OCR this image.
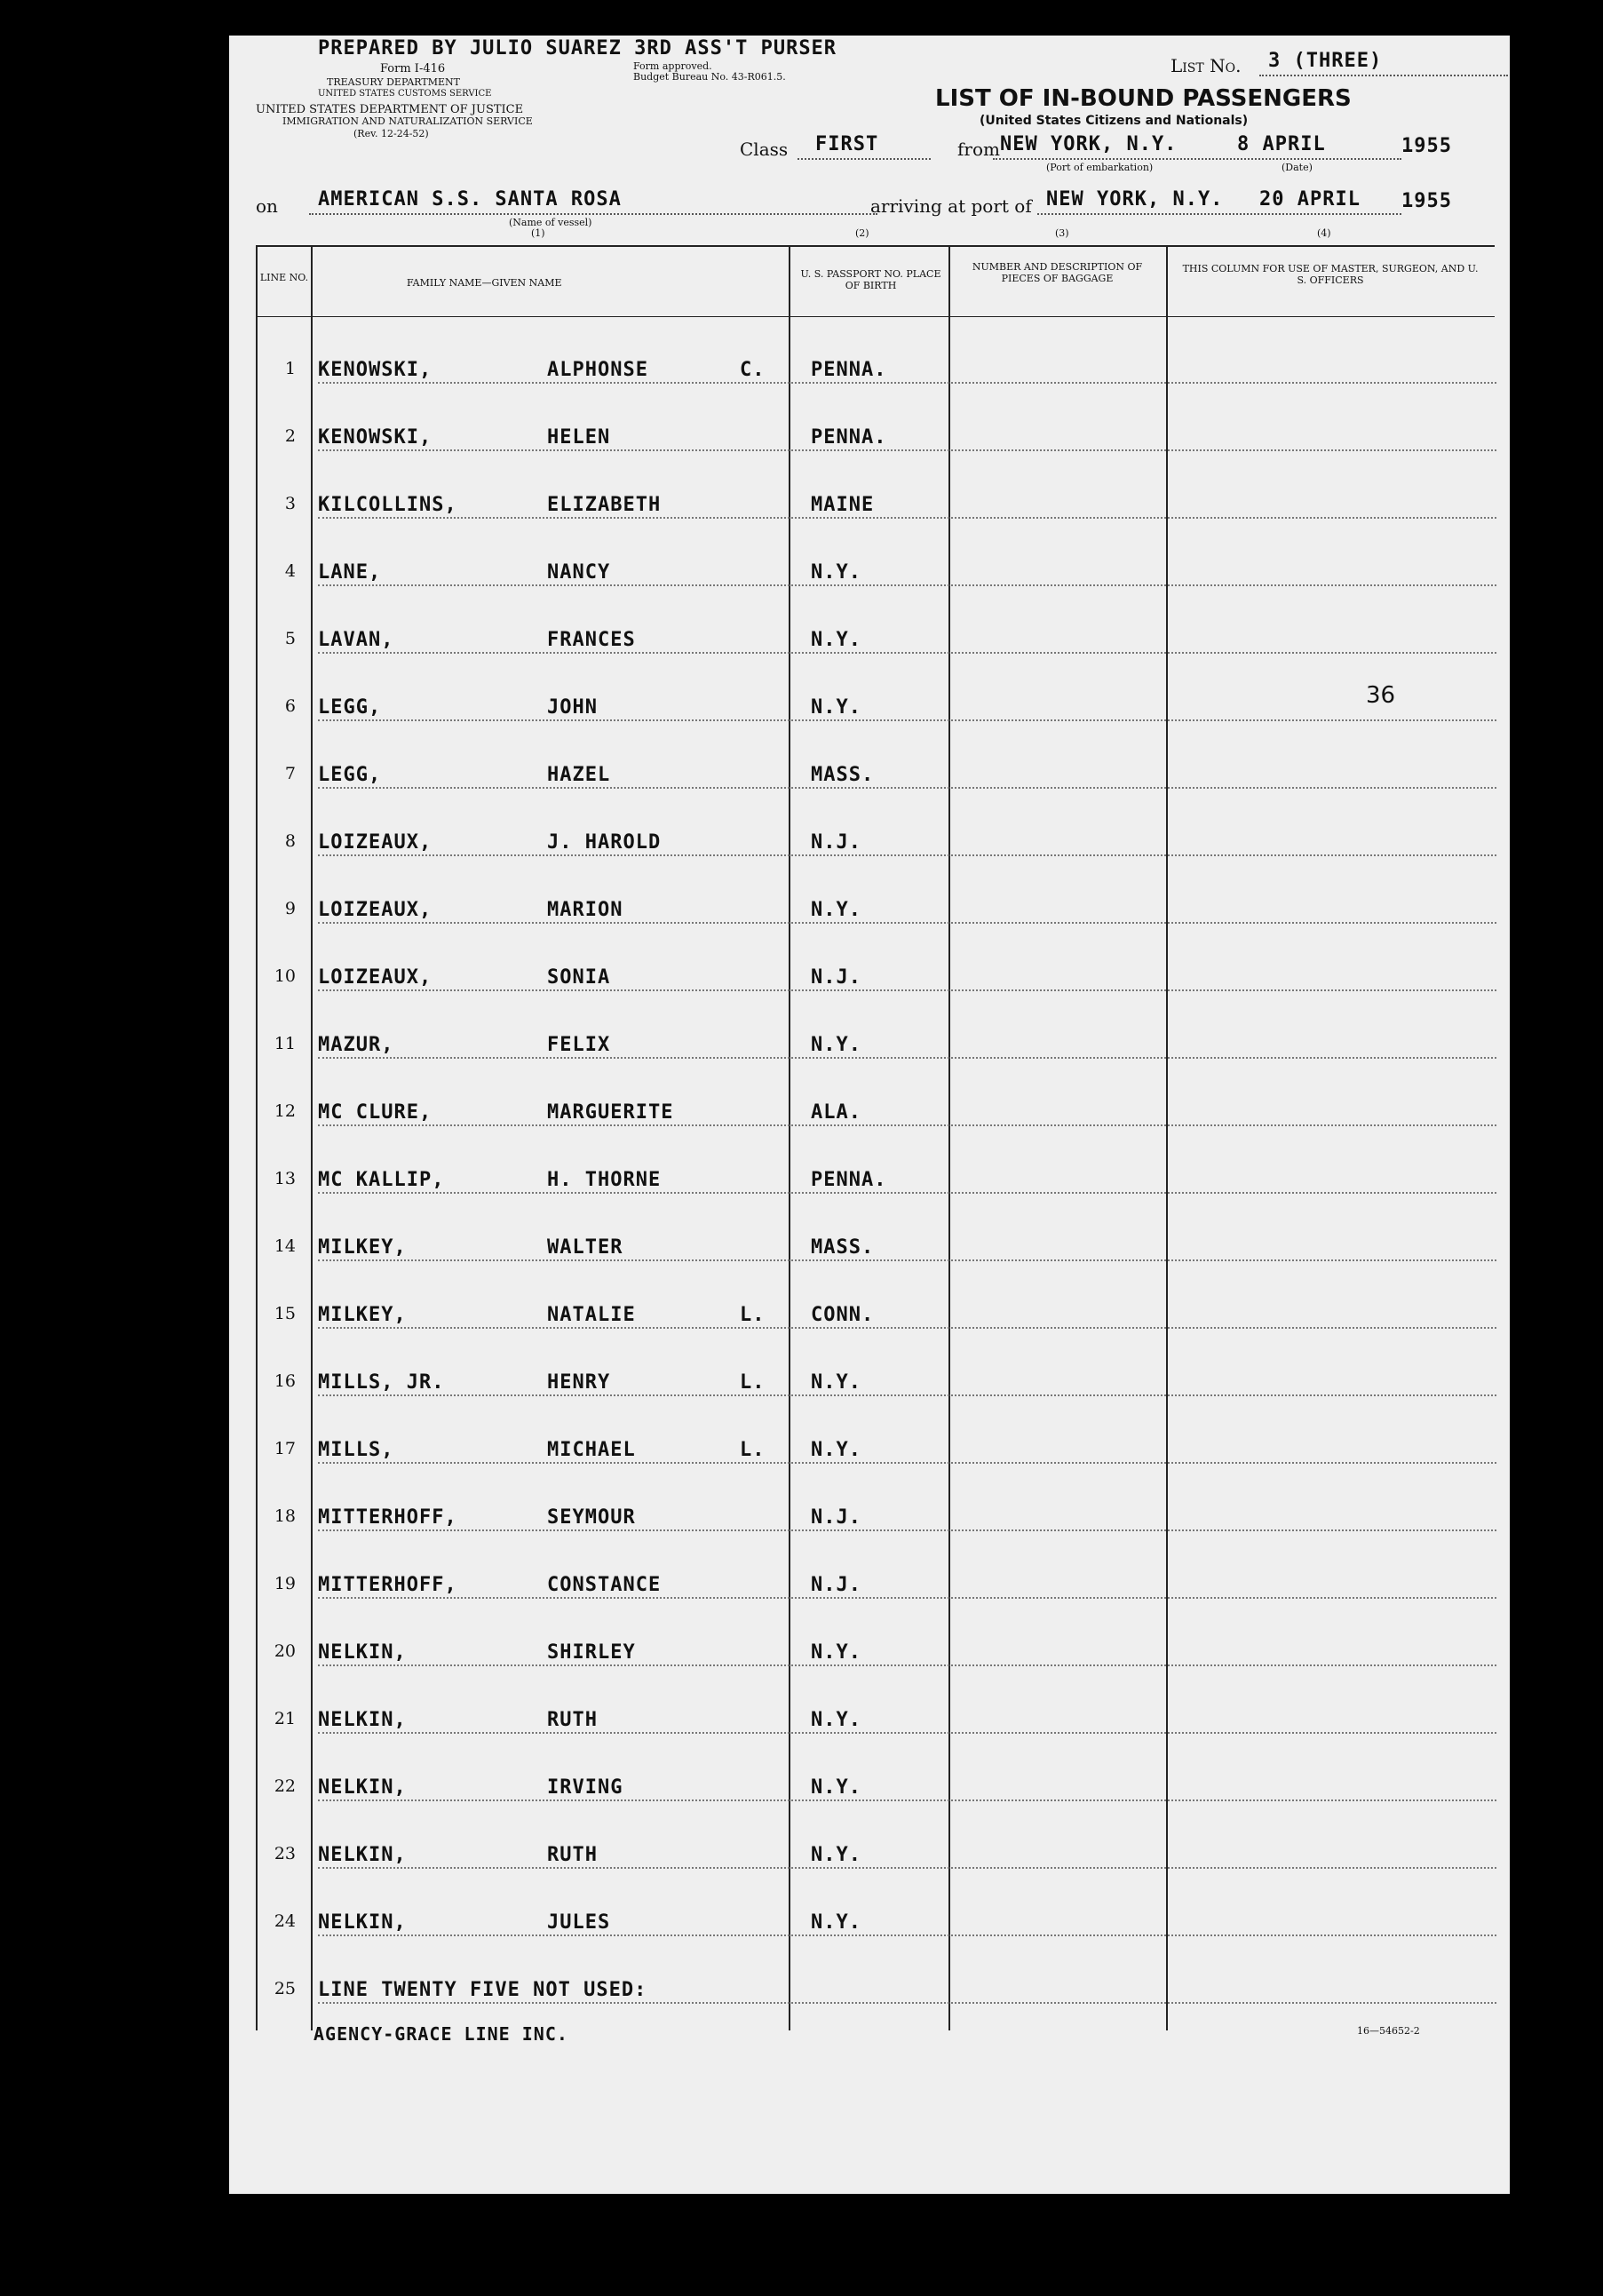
PREPARED BY JULIO SUAREZ 3RD ASS'T PURSER
Form I-416
TREASURY DEPARTMENT
UNITED STATES CUSTOMS SERVICE
Form approved.
Budget Bureau No. 43-R061.5.
UNITED STATES DEPARTMENT OF JUSTICE
IMMIGRATION AND NATURALIZATION SERVICE
(Rev. 12-24-52)
List No. 3 (THREE)
LIST OF IN-BOUND PASSENGERS
(United States Citizens and Nationals)
Class FIRST	from NEW YORK, N.Y.	8 APRIL	1955
(Port of embarkation)	(Date)
on AMERICAN S.S. SANTA ROSA
(Name of vessel)
(1)
arriving at port of NEW YORK, N.Y. 20 APRIL 1955
(2)	(3)	(4)
LINE NO.	FAMILY NAME—GIVEN NAME
U. S. PASSPORT NO. PLACE OF BIRTH
NUMBER AND DESCRIPTION OF PIECES OF BAGGAGE
THIS COLUMN FOR USE OF MASTER, SURGEON, AND U. S. OFFICERS
1 KENOWSKI,	ALPHONSE	C. PENNA.
2 KENOWSKI,	HELEN	PENNA.
3 KILCOLLINS,	ELIZABETH	MAINE
4 LANE,	NANCY	N.Y.
5 LAVAN,	FRANCES	N.Y.
6 LEGG,	JOHN	N.Y.
7 LEGG,	HAZEL	MASS.
8 LOIZEAUX,	J. HAROLD	N.J.
9 LOIZEAUX,	MARION	N.Y.
10 LOIZEAUX,	SONIA	N.J.
11 MAZUR,	FELIX	N.Y.
12 MC CLURE,	MARGUERITE	ALA.
13 MC KALLIP,	H. THORNE	PENNA.
14 MILKEY,	WALTER	MASS.
15 MILKEY,	NATALIE	L. CONN.
16 MILLS, JR.	HENRY	L. N.Y.
17 MILLS,	MICHAEL	L. N.Y.
18 MITTERHOFF,	SEYMOUR	N.J.
19 MITTERHOFF,	CONSTANCE	N.J.
20 NELKIN,	SHIRLEY	N.Y.
21 NELKIN,	RUTH	N.Y.
22 NELKIN,	IRVING	N.Y.
23 NELKIN,	RUTH	N.Y.
24 NELKIN,	JULES	N.Y.
25 LINE TWENTY FIVE NOT USED:
36
AGENCY-GRACE LINE INC.	16—54652-2
